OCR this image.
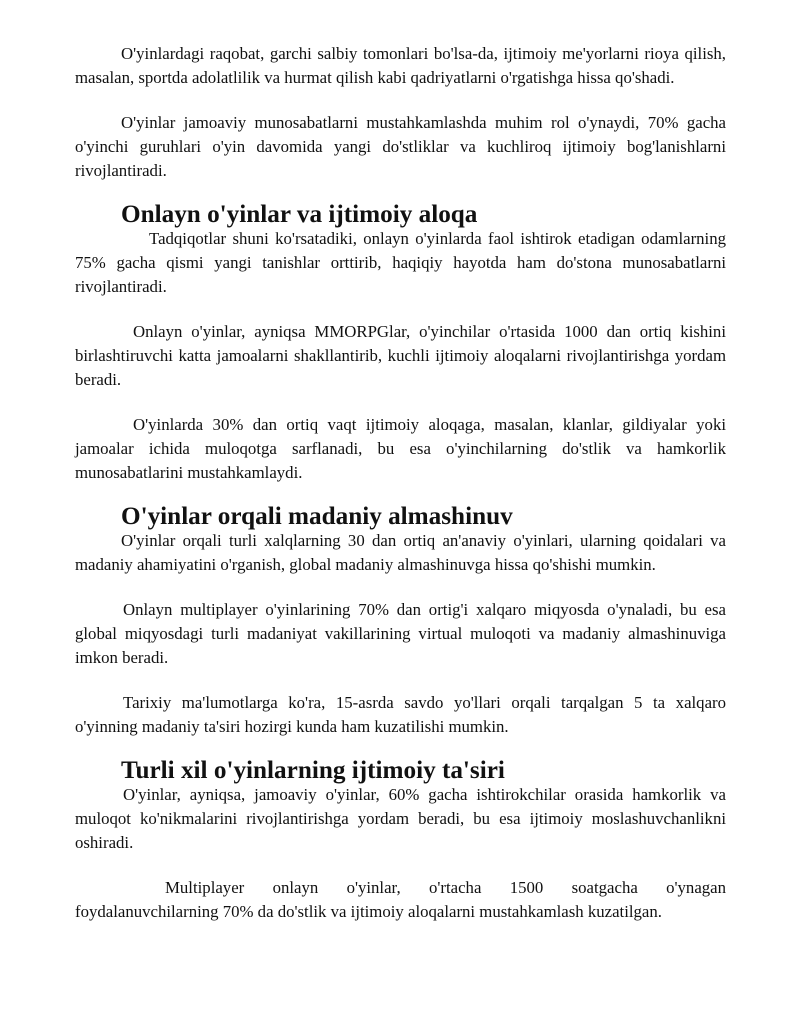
O'yinlardagi raqobat, garchi salbiy tomonlari bo'lsa-da, ijtimoiy me'yorlarni rioya qilish, masalan, sportda adolatlilik va hurmat qilish kabi qadriyatlarni o'rgatishga hissa qo'shadi.

O'yinlar jamoaviy munosabatlarni mustahkamlashda muhim rol o'ynaydi, 70% gacha o'yinchi guruhlari o'yin davomida yangi do'stliklar va kuchliroq ijtimoiy bog'lanishlarni rivojlantiradi.

Onlayn o'yinlar va ijtimoiy aloqa

Tadqiqotlar shuni ko'rsatadiki, onlayn o'yinlarda faol ishtirok etadigan odamlarning 75% gacha qismi yangi tanishlar orttirib, haqiqiy hayotda ham do'stona munosabatlarni rivojlantiradi.

Onlayn o'yinlar, ayniqsa MMORPGlar, o'yinchilar o'rtasida 1000 dan ortiq kishini birlashtiruvchi katta jamoalarni shakllantirib, kuchli ijtimoiy aloqalarni rivojlantirishga yordam beradi.

O'yinlarda 30% dan ortiq vaqt ijtimoiy aloqaga, masalan, klanlar, gildiyalar yoki jamoalar ichida muloqotga sarflanadi, bu esa o'yinchilarning do'stlik va hamkorlik munosabatlarini mustahkamlaydi.

O'yinlar orqali madaniy almashinuv

O'yinlar orqali turli xalqlarning 30 dan ortiq an'anaviy o'yinlari, ularning qoidalari va madaniy ahamiyatini o'rganish, global madaniy almashinuvga hissa qo'shishi mumkin.

Onlayn multiplayer o'yinlarining 70% dan ortig'i xalqaro miqyosda o'ynaladi, bu esa global miqyosdagi turli madaniyat vakillarining virtual muloqoti va madaniy almashinuviga imkon beradi.

Tarixiy ma'lumotlarga ko'ra, 15-asrda savdo yo'llari orqali tarqalgan 5 ta xalqaro o'yinning madaniy ta'siri hozirgi kunda ham kuzatilishi mumkin.

Turli xil o'yinlarning ijtimoiy ta'siri

O'yinlar, ayniqsa, jamoaviy o'yinlar, 60% gacha ishtirokchilar orasida hamkorlik va muloqot ko'nikmalarini rivojlantirishga yordam beradi, bu esa ijtimoiy moslashuvchanlikni oshiradi.

Multiplayer onlayn o'yinlar, o'rtacha 1500 soatgacha o'ynagan foydalanuvchilarning 70% da do'stlik va ijtimoiy aloqalarni mustahkamlash kuzatilgan.
